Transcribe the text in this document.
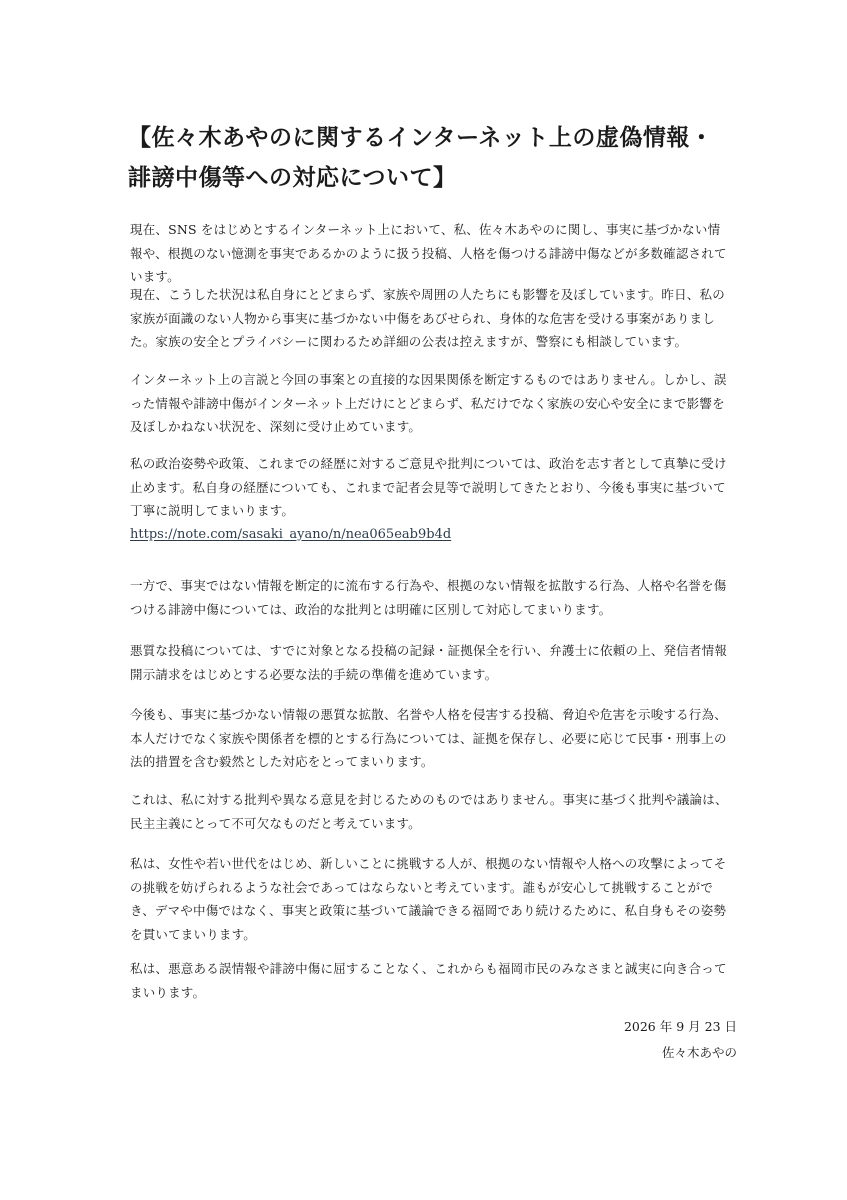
【佐々木あやのに関するインターネット上の虚偽情報・誹謗中傷等への対応について】

現在、SNS をはじめとするインターネット上において、私、佐々木あやのに関し、事実に基づかない情報や、根拠のない憶測を事実であるかのように扱う投稿、人格を傷つける誹謗中傷などが多数確認されています。

現在、こうした状況は私自身にとどまらず、家族や周囲の人たちにも影響を及ぼしています。昨日、私の家族が面識のない人物から事実に基づかない中傷をあびせられ、身体的な危害を受ける事案がありました。家族の安全とプライバシーに関わるため詳細の公表は控えますが、警察にも相談しています。

インターネット上の言説と今回の事案との直接的な因果関係を断定するものではありません。しかし、誤った情報や誹謗中傷がインターネット上だけにとどまらず、私だけでなく家族の安心や安全にまで影響を及ぼしかねない状況を、深刻に受け止めています。

私の政治姿勢や政策、これまでの経歴に対するご意見や批判については、政治を志す者として真摯に受け止めます。私自身の経歴についても、これまで記者会見等で説明してきたとおり、今後も事実に基づいて丁寧に説明してまいります。

https://note.com/sasaki_ayano/n/nea065eab9b4d

一方で、事実ではない情報を断定的に流布する行為や、根拠のない情報を拡散する行為、人格や名誉を傷つける誹謗中傷については、政治的な批判とは明確に区別して対応してまいります。

悪質な投稿については、すでに対象となる投稿の記録・証拠保全を行い、弁護士に依頼の上、発信者情報開示請求をはじめとする必要な法的手続の準備を進めています。

今後も、事実に基づかない情報の悪質な拡散、名誉や人格を侵害する投稿、脅迫や危害を示唆する行為、本人だけでなく家族や関係者を標的とする行為については、証拠を保存し、必要に応じて民事・刑事上の法的措置を含む毅然とした対応をとってまいります。

これは、私に対する批判や異なる意見を封じるためのものではありません。事実に基づく批判や議論は、民主主義にとって不可欠なものだと考えています。

私は、女性や若い世代をはじめ、新しいことに挑戦する人が、根拠のない情報や人格への攻撃によってその挑戦を妨げられるような社会であってはならないと考えています。誰もが安心して挑戦することができ、デマや中傷ではなく、事実と政策に基づいて議論できる福岡であり続けるために、私自身もその姿勢を貫いてまいります。

私は、悪意ある誤情報や誹謗中傷に屈することなく、これからも福岡市民のみなさまと誠実に向き合ってまいります。

2026 年 9 月 23 日
佐々木あやの
